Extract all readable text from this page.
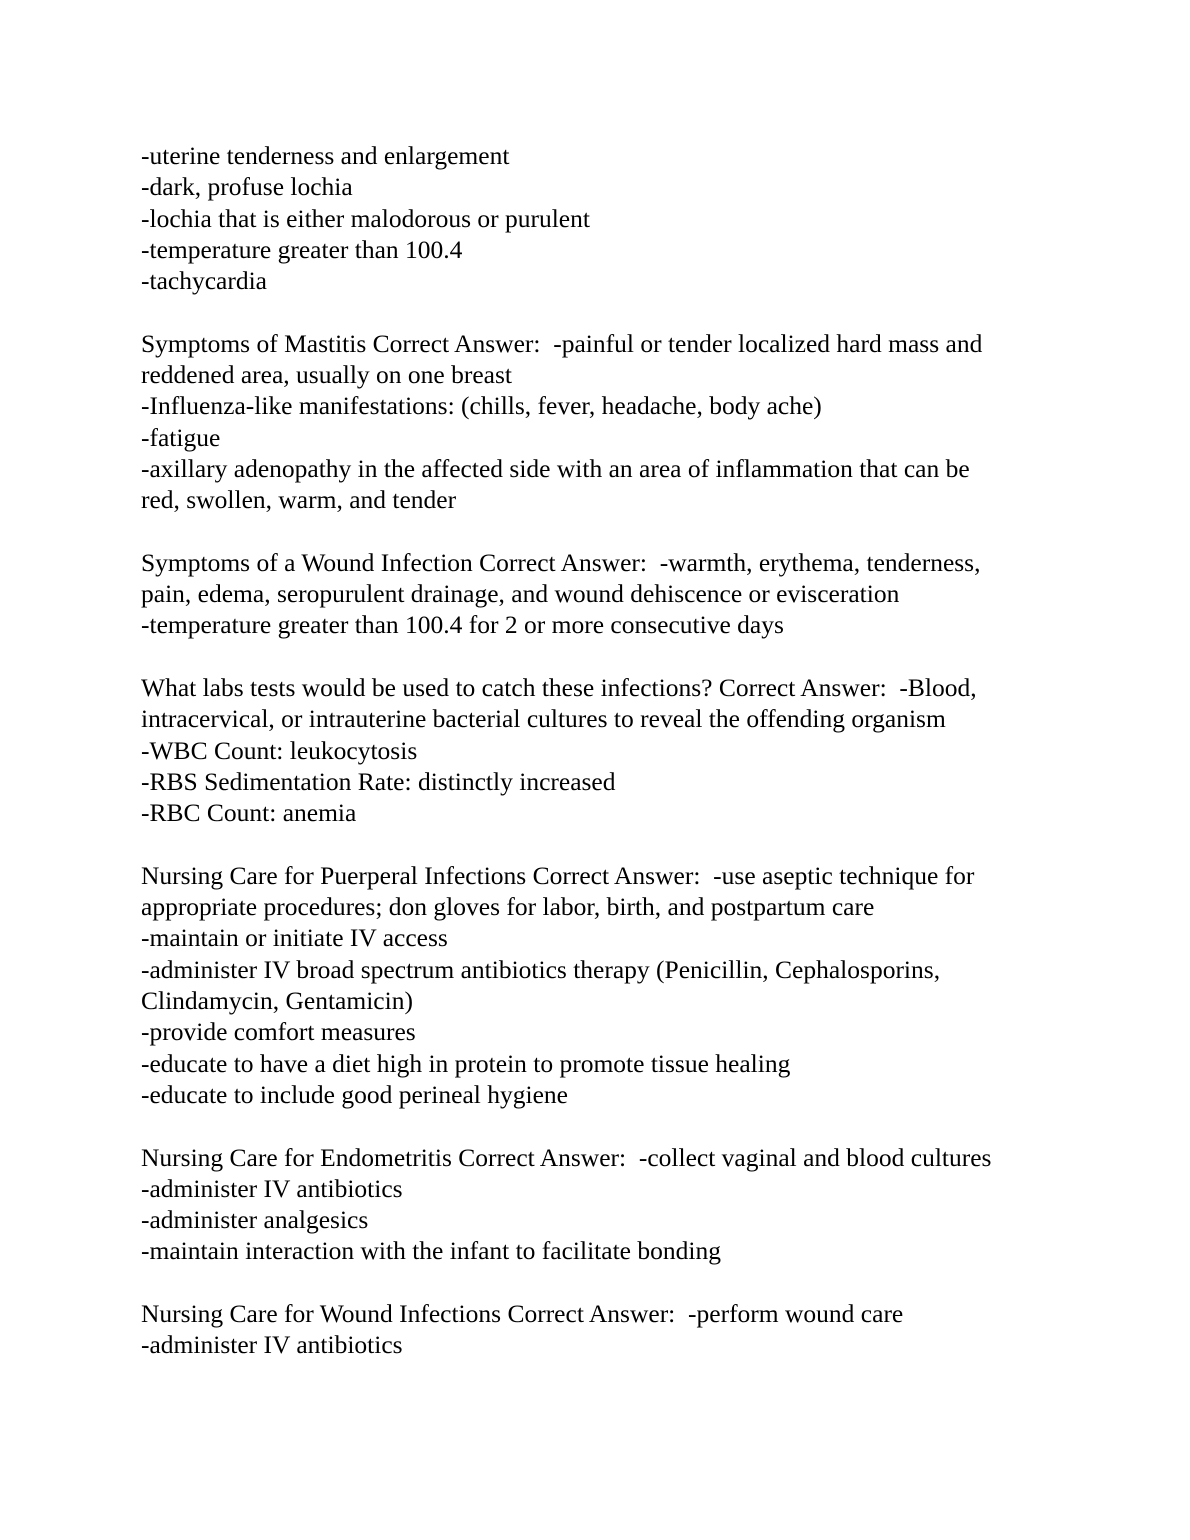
-uterine tenderness and enlargement
-dark, profuse lochia
-lochia that is either malodorous or purulent
-temperature greater than 100.4
-tachycardia
Symptoms of Mastitis Correct Answer:  -painful or tender localized hard mass and
reddened area, usually on one breast
-Influenza-like manifestations: (chills, fever, headache, body ache)
-fatigue
-axillary adenopathy in the affected side with an area of inflammation that can be
red, swollen, warm, and tender
Symptoms of a Wound Infection Correct Answer:  -warmth, erythema, tenderness,
pain, edema, seropurulent drainage, and wound dehiscence or evisceration
-temperature greater than 100.4 for 2 or more consecutive days
What labs tests would be used to catch these infections? Correct Answer:  -Blood,
intracervical, or intrauterine bacterial cultures to reveal the offending organism
-WBC Count: leukocytosis
-RBS Sedimentation Rate: distinctly increased
-RBC Count: anemia
Nursing Care for Puerperal Infections Correct Answer:  -use aseptic technique for
appropriate procedures; don gloves for labor, birth, and postpartum care
-maintain or initiate IV access
-administer IV broad spectrum antibiotics therapy (Penicillin, Cephalosporins,
Clindamycin, Gentamicin)
-provide comfort measures
-educate to have a diet high in protein to promote tissue healing
-educate to include good perineal hygiene
Nursing Care for Endometritis Correct Answer:  -collect vaginal and blood cultures
-administer IV antibiotics
-administer analgesics
-maintain interaction with the infant to facilitate bonding
Nursing Care for Wound Infections Correct Answer:  -perform wound care
-administer IV antibiotics
